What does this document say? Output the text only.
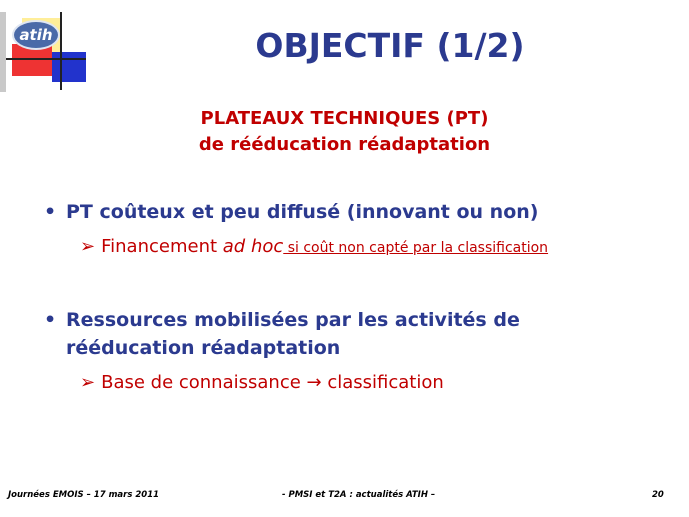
atih	OBJECTIF (1/2)
PLATEAUX TECHNIQUES (PT)
de rééducation réadaptation
• PT coûteux et peu diffusé (innovant ou non)
➢ Financement ad hoc si coût non capté par la classification
• Ressources mobilisées par les activités de
rééducation réadaptation
➢ Base de connaissance → classification
Journées EMOIS – 17 mars 2011	- PMSI et T2A : actualités ATIH –	20
